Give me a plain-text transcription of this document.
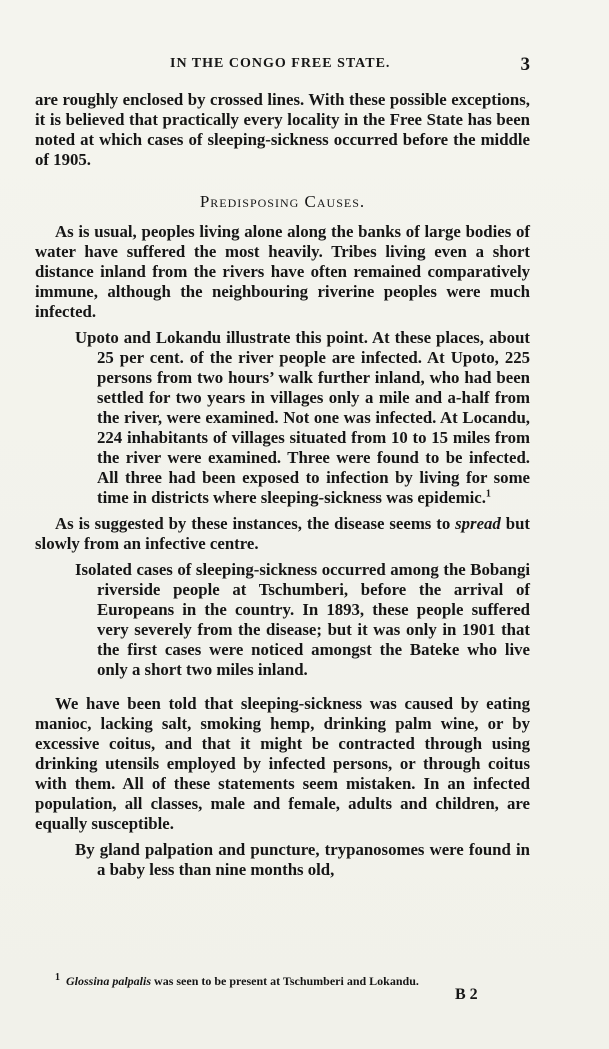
IN THE CONGO FREE STATE.	3

are roughly enclosed by crossed lines. With these possible exceptions, it is believed that practically every locality in the Free State has been noted at which cases of sleeping-sickness occurred before the middle of 1905.

Predisposing Causes.

As is usual, peoples living alone along the banks of large bodies of water have suffered the most heavily. Tribes living even a short distance inland from the rivers have often remained comparatively immune, although the neighbouring riverine peoples were much infected.

Upoto and Lokandu illustrate this point. At these places, about 25 per cent. of the river people are infected. At Upoto, 225 persons from two hours’ walk further inland, who had been settled for two years in villages only a mile and a-half from the river, were examined. Not one was infected. At Locandu, 224 inhabitants of villages situated from 10 to 15 miles from the river were examined. Three were found to be infected. All three had been exposed to infection by living for some time in districts where sleeping-sickness was epidemic.$^1$

As is suggested by these instances, the disease seems to spread but slowly from an infective centre.

Isolated cases of sleeping-sickness occurred among the Bobangi riverside people at Tschumberi, before the arrival of Europeans in the country. In 1893, these people suffered very severely from the disease; but it was only in 1901 that the first cases were noticed amongst the Bateke who live only a short two miles inland.

We have been told that sleeping-sickness was caused by eating manioc, lacking salt, smoking hemp, drinking palm wine, or by excessive coitus, and that it might be contracted through using drinking utensils employed by infected persons, or through coitus with them. All of these statements seem mistaken. In an infected population, all classes, male and female, adults and children, are equally susceptible.

By gland palpation and puncture, trypanosomes were found in a baby less than nine months old,

$^1$ Glossina palpalis was seen to be present at Tschumberi and Lokandu.
B 2
